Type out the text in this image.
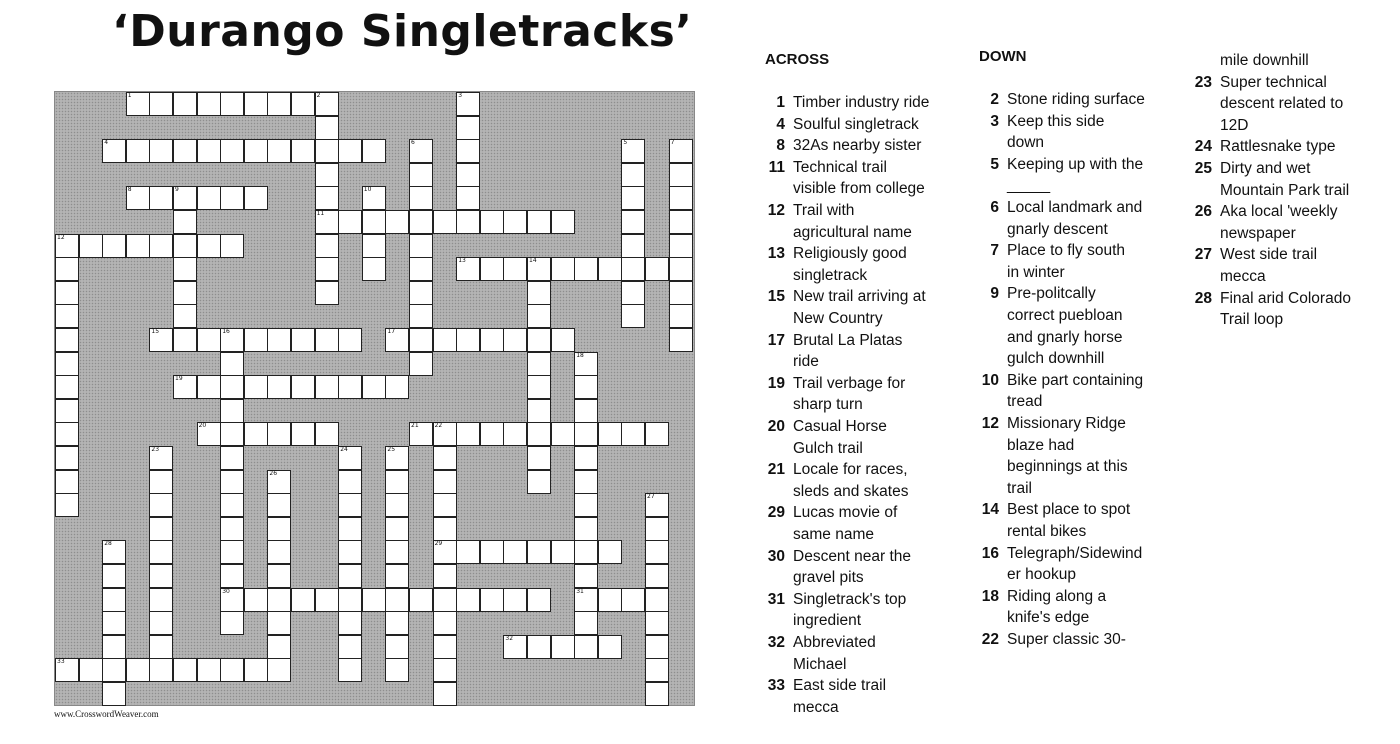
‘Durango Singletracks’
1	2
4
8	9
11
12
13	14
15	16	17
19
20	21	22
29
30	31
32
33
3
5
6	7
10
18
23	24	25
26
27
28
www.CrosswordWeaver.com
ACROSS	DOWN
1 Timber industry ride
4 Soulful singletrack
8 32As nearby sister
11 Technical trail
visible from college
12 Trail with
agricultural name
13 Religiously good
singletrack
15 New trail arriving at
New Country
17 Brutal La Platas
ride
19 Trail verbage for
sharp turn
20 Casual Horse
Gulch trail
21 Locale for races,
sleds and skates
29 Lucas movie of
same name
30 Descent near the
gravel pits
31 Singletrack's top
ingredient
32 Abbreviated
Michael
33 East side trail
mecca
2 Stone riding surface
3 Keep this side
down
5 Keeping up with the
_____
6 Local landmark and
gnarly descent
7 Place to fly south
in winter
9 Pre-politcally
correct puebloan
and gnarly horse
gulch downhill
10 Bike part containing
tread
12 Missionary Ridge
blaze had
beginnings at this
trail
14 Best place to spot
rental bikes
16 Telegraph/Sidewind
er hookup
18 Riding along a
knife's edge
22 Super classic 30-
mile downhill
23 Super technical
descent related to
12D
24 Rattlesnake type
25 Dirty and wet
Mountain Park trail
26 Aka local 'weekly
newspaper
27 West side trail
mecca
28 Final arid Colorado
Trail loop
